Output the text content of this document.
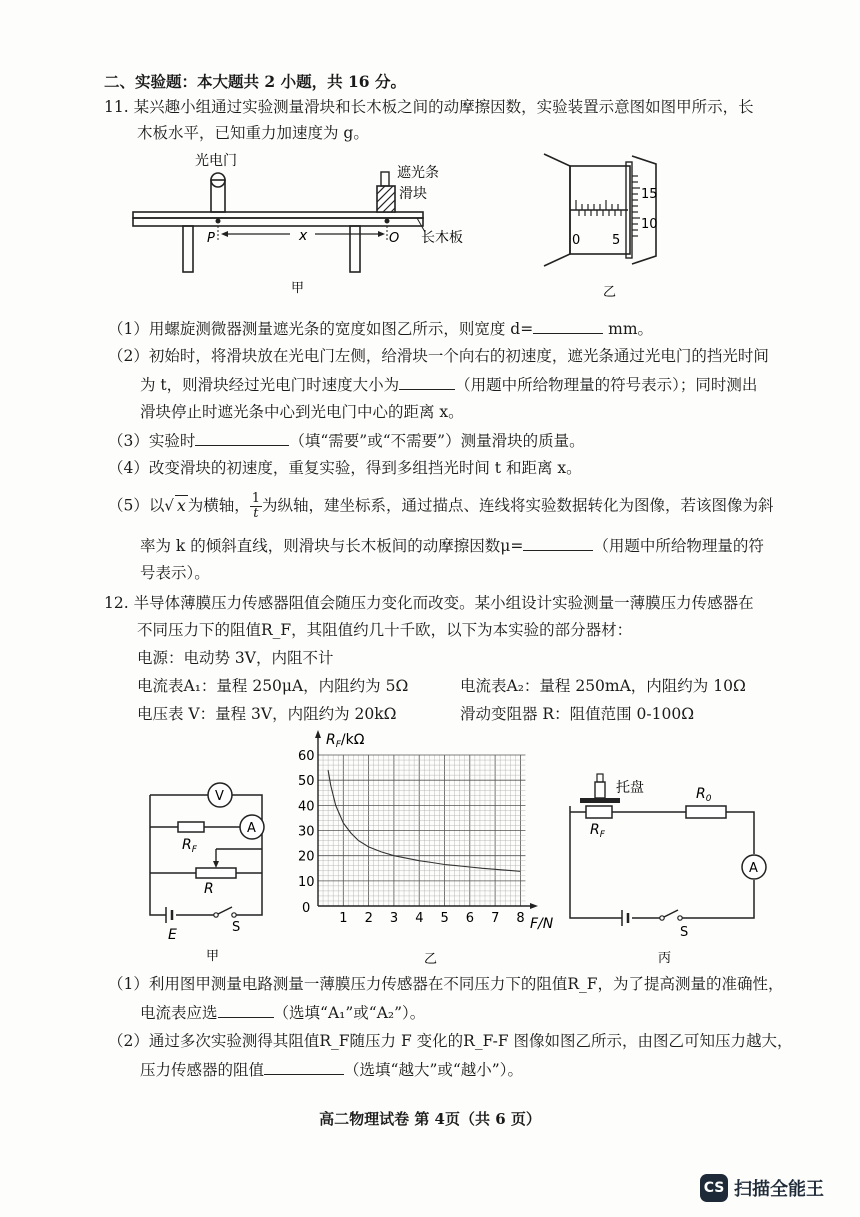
二、实验题：本大题共 2 小题，共 16 分。
11. 某兴趣小组通过实验测量滑块和长木板之间的动摩擦因数，实验装置示意图如图甲所示，长
木板水平，已知重力加速度为 g。
光电门
遮光条
滑块
长木板
P	O
x
甲
15
10
0 5
乙
（1）用螺旋测微器测量遮光条的宽度如图乙所示，则宽度 d=	mm。
（2）初始时，将滑块放在光电门左侧，给滑块一个向右的初速度，遮光条通过光电门的挡光时间
为 t，则滑块经过光电门时速度大小为	（用题中所给物理量的符号表示）；同时测出
滑块停止时遮光条中心到光电门中心的距离 x。
（3）实验时	（填“需要”或“不需要”）测量滑块的质量。
（4）改变滑块的初速度，重复实验，得到多组挡光时间 t 和距离 x。
（5）以√ x 为横轴， $\frac{1}{t}$ 为纵轴，建坐标系，通过描点、连线将实验数据转化为图像，若该图像为斜
率为 k 的倾斜直线，则滑块与长木板间的动摩擦因数μ=	（用题中所给物理量的符
号表示）。
12. 半导体薄膜压力传感器阻值会随压力变化而改变。某小组设计实验测量一薄膜压力传感器在
不同压力下的阻值R_F，其阻值约几十千欧，以下为本实验的部分器材：
电源：电动势 3V，内阻不计
电流表A₁：量程 250μA，内阻约为 5Ω	电流表A₂：量程 250mA，内阻约为 10Ω
电压表 V：量程 3V，内阻约为 20kΩ	滑动变阻器 R：阻值范围 0-100Ω
V
A
$R_F$
R
E	S
甲
1 2 3 4 5 6 7 8
10
20
30
40
50
60
$R_F/k\Omega$
F/N
0
乙
托盘	$R_0$
$R_F$
A
S
丙
（1）利用图甲测量电路测量一薄膜压力传感器在不同压力下的阻值R_F，为了提高测量的准确性，
电流表应选	（选填“A₁”或“A₂”）。
（2）通过多次实验测得其阻值R_F随压力 F 变化的R_F-F 图像如图乙所示，由图乙可知压力越大，
压力传感器的阻值	（选填“越大”或“越小”）。
高二物理试卷 第 4页（共 6 页）
CS 扫描全能王
